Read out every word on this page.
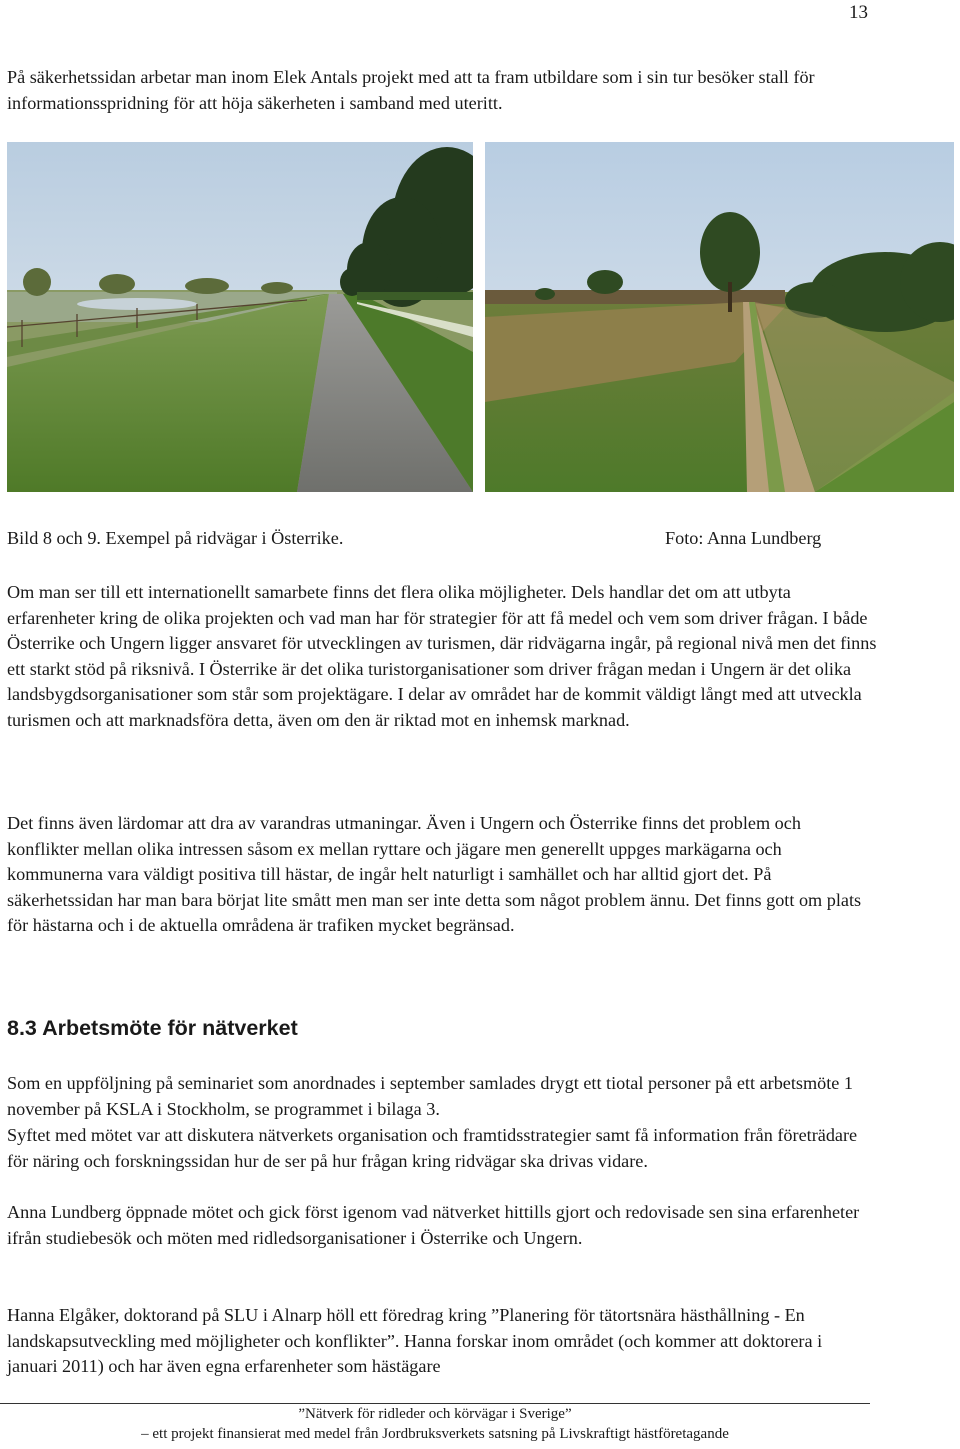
13

På säkerhetssidan arbetar man inom Elek Antals projekt med att ta fram utbildare som i sin tur besöker stall för informationsspridning för att höja säkerheten i samband med uteritt.

Bild 8 och 9. Exempel på ridvägar i Österrike.	Foto: Anna Lundberg

Om man ser till ett internationellt samarbete finns det flera olika möjligheter. Dels handlar det om att utbyta erfarenheter kring de olika projekten och vad man har för strategier för att få medel och vem som driver frågan. I både Österrike och Ungern ligger ansvaret för utvecklingen av turismen, där ridvägarna ingår, på regional nivå men det finns ett starkt stöd på riksnivå. I Österrike är det olika turistorganisationer som driver frågan medan i Ungern är det olika landsbygdsorganisationer som står som projektägare. I delar av området har de kommit väldigt långt med att utveckla turismen och att marknadsföra detta, även om den är riktad mot en inhemsk marknad.

Det finns även lärdomar att dra av varandras utmaningar. Även i Ungern och Österrike finns det problem och konflikter mellan olika intressen såsom ex mellan ryttare och jägare men generellt uppges markägarna och kommunerna vara väldigt positiva till hästar, de ingår helt naturligt i samhället och har alltid gjort det. På säkerhetssidan har man bara börjat lite smått men man ser inte detta som något problem ännu. Det finns gott om plats för hästarna och i de aktuella områdena är trafiken mycket begränsad.

8.3 Arbetsmöte för nätverket

Som en uppföljning på seminariet som anordnades i september samlades drygt ett tiotal personer på ett arbetsmöte 1 november på KSLA i Stockholm, se programmet i bilaga 3.

Syftet med mötet var att diskutera nätverkets organisation och framtidsstrategier samt få information från företrädare för näring och forskningssidan hur de ser på hur frågan kring ridvägar ska drivas vidare.

Anna Lundberg öppnade mötet och gick först igenom vad nätverket hittills gjort och redovisade sen sina erfarenheter ifrån studiebesök och möten med ridledsorganisationer i Österrike och Ungern.

Hanna Elgåker, doktorand på SLU i Alnarp höll ett föredrag kring ”Planering för tätortsnära hästhållning - En landskapsutveckling med möjligheter och konflikter”. Hanna forskar inom området (och kommer att doktorera i januari 2011) och har även egna erfarenheter som hästägare

”Nätverk för ridleder och körvägar i Sverige”
– ett projekt finansierat med medel från Jordbruksverkets satsning på Livskraftigt hästföretagande
